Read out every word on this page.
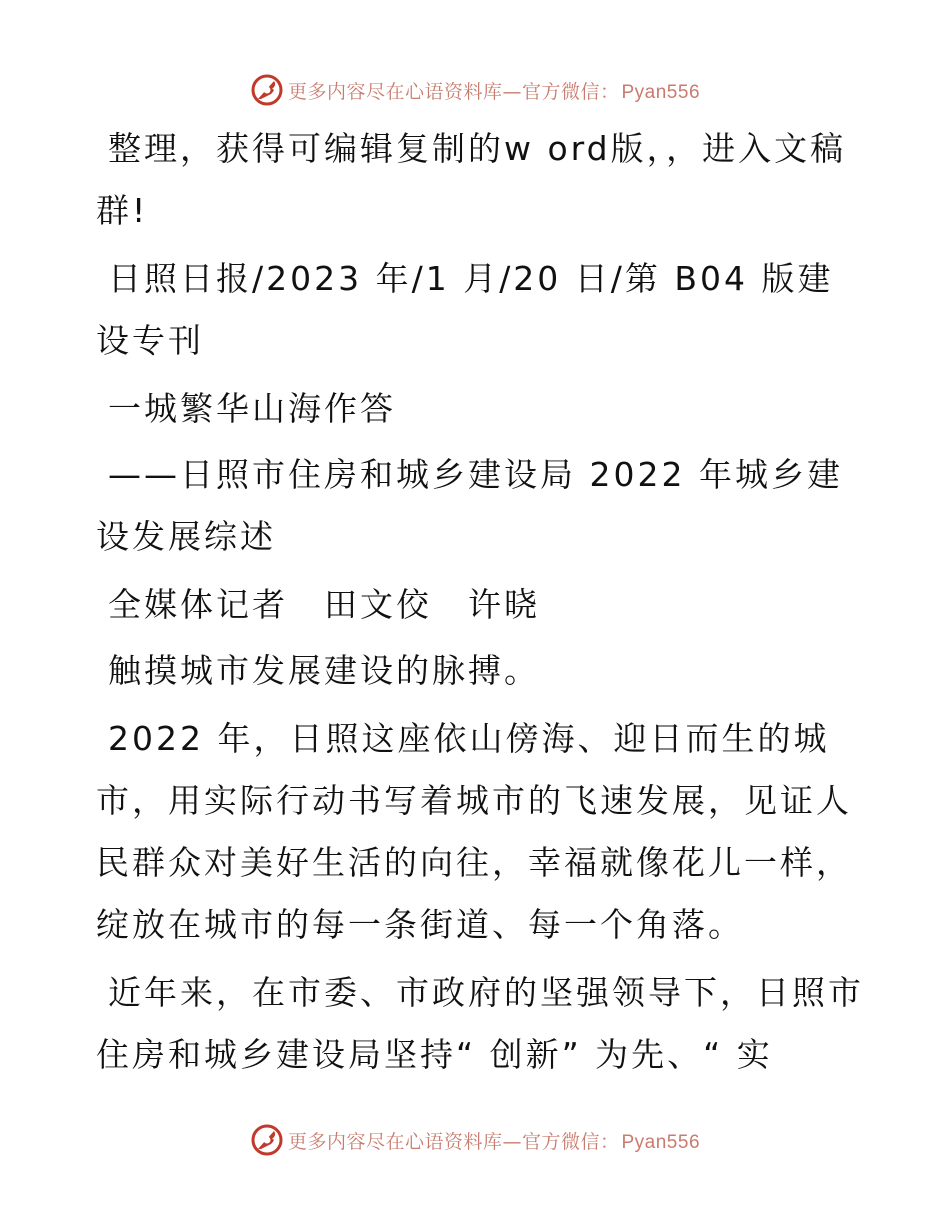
更多内容尽在心语资料库—官方微信： Pyan556

整理，获得可编辑复制的w ord版，，进入文稿群!

日照日报/2023 年/1 月/20 日/第 B04 版建设专刊

一城繁华山海作答

——日照市住房和城乡建设局 2022 年城乡建设发展综述

全媒体记者　田文佼　许晓

触摸城市发展建设的脉搏。

2022 年，日照这座依山傍海、迎日而生的城市，用实际行动书写着城市的飞速发展，见证人民群众对美好生活的向往，幸福就像花儿一样，绽放在城市的每一条街道、每一个角落。

近年来，在市委、市政府的坚强领导下，日照市住房和城乡建设局坚持“ 创新” 为先、“ 实

更多内容尽在心语资料库—官方微信： Pyan556
